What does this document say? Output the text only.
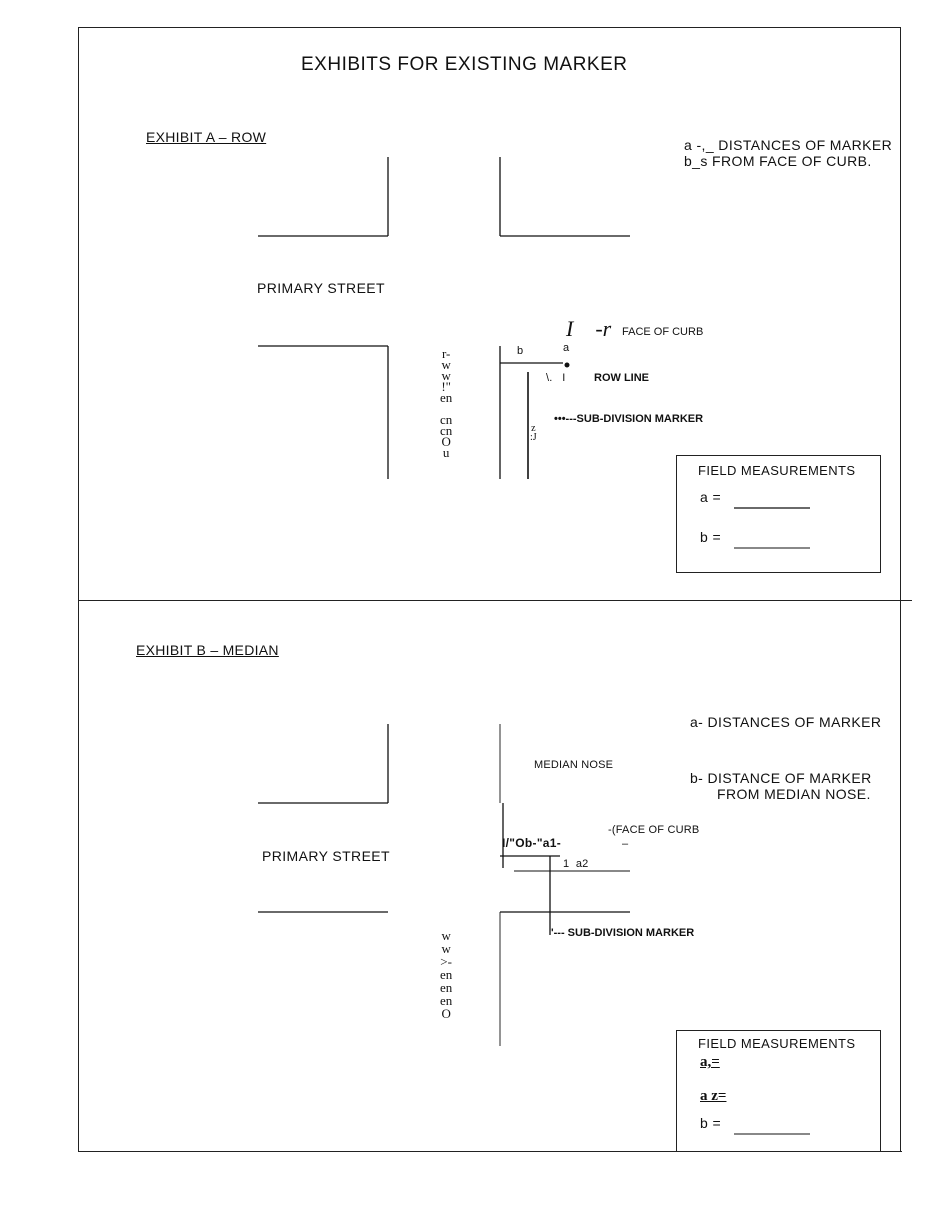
EXHIBITS FOR EXISTING MARKER
EXHIBIT A – ROW	a -,_ DISTANCES OF MARKER
b_s FROM FACE OF CURB.
PRIMARY STREET
I    -r FACE OF CURB
b	a
\.   I	ROW LINE
•••---SUB-DIVISION MARKER
r-
w
w
!"
en

cn
cn
O
u
z
:J
FIELD MEASUREMENTS
a =
b =
EXHIBIT B – MEDIAN
a- DISTANCES OF MARKER
MEDIAN NOSE
b- DISTANCE OF MARKER
FROM MEDIAN NOSE.
-(FACE OF CURB
–
I/"Ob-"a1-
1  a2
PRIMARY STREET
'--- SUB-DIVISION MARKER
w
w
>-
en
en
en
O
FIELD MEASUREMENTS
a,=
a z=
b =
